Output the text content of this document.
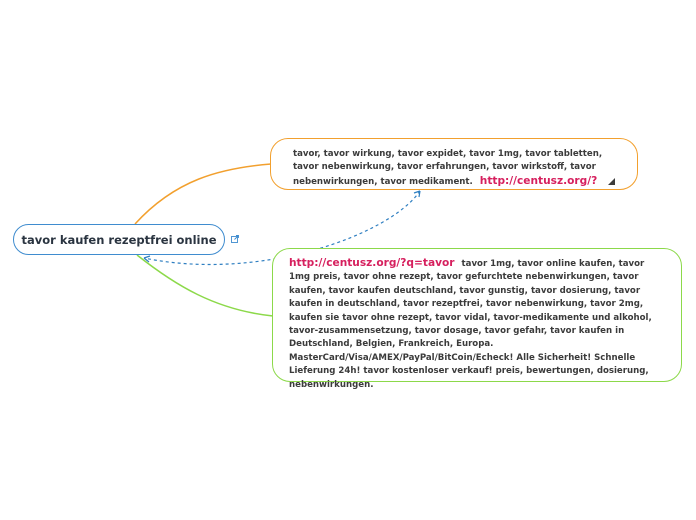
tavor kaufen rezeptfrei online
tavor, tavor wirkung, tavor expidet, tavor 1mg, tavor tabletten, tavor nebenwirkung, tavor erfahrungen, tavor wirkstoff, tavor nebenwirkungen, tavor medikament. http://centusz.org/?
http://centusz.org/?q=tavor tavor 1mg, tavor online kaufen, tavor 1mg preis, tavor ohne rezept, tavor gefurchtete nebenwirkungen, tavor kaufen, tavor kaufen deutschland, tavor gunstig, tavor dosierung, tavor kaufen in deutschland, tavor rezeptfrei, tavor nebenwirkung, tavor 2mg, kaufen sie tavor ohne rezept, tavor vidal, tavor-medikamente und alkohol, tavor-zusammensetzung, tavor dosage, tavor gefahr, tavor kaufen in Deutschland, Belgien, Frankreich, Europa. MasterCard/Visa/AMEX/PayPal/BitCoin/Echeck! Alle Sicherheit! Schnelle Lieferung 24h! tavor kostenloser verkauf! preis, bewertungen, dosierung, nebenwirkungen.
